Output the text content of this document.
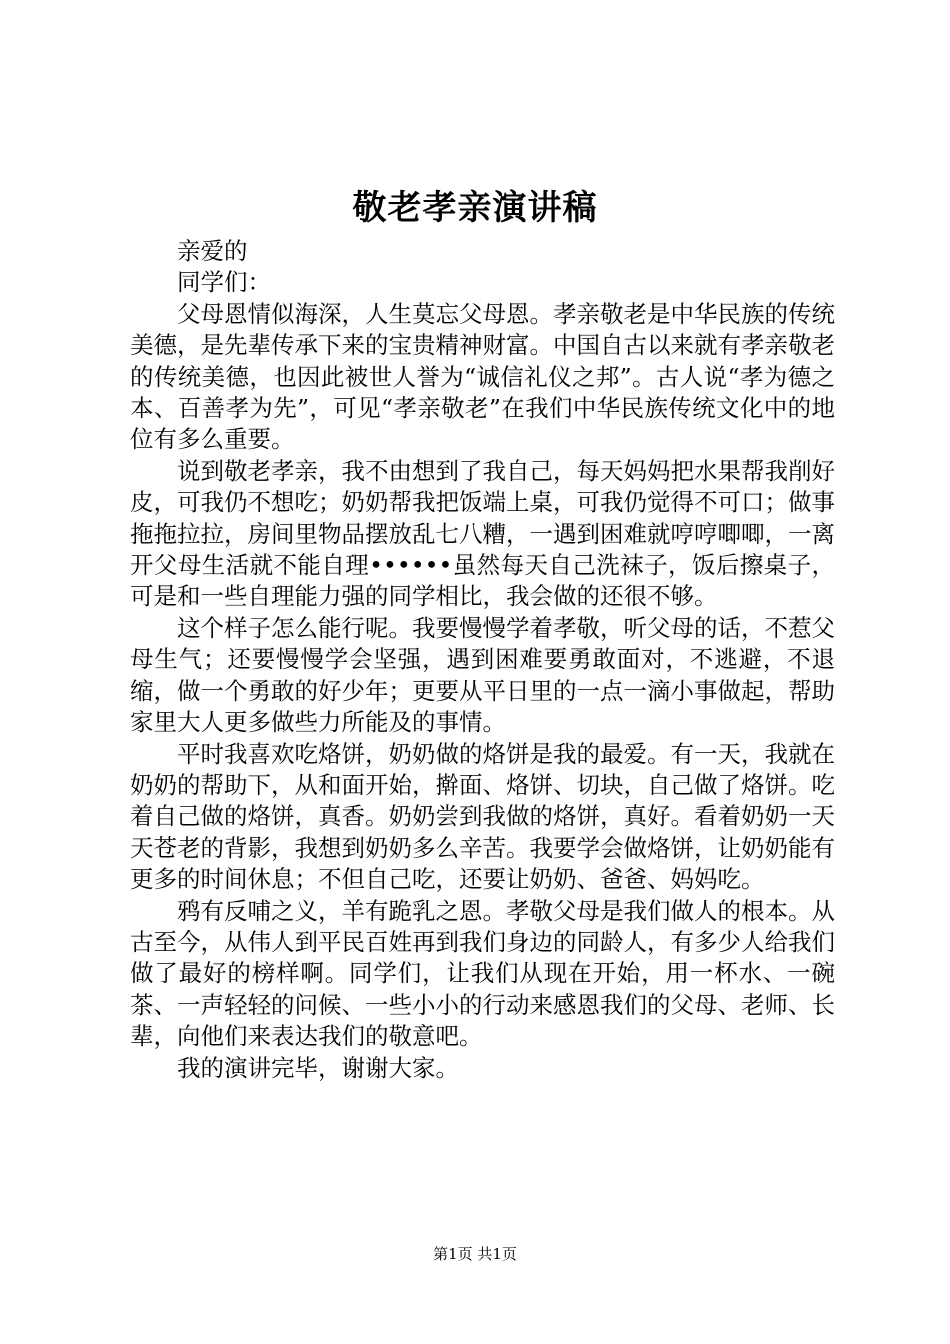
敬老孝亲演讲稿

亲爱的

同学们：

父母恩情似海深，人生莫忘父母恩。孝亲敬老是中华民族的传统美德，是先辈传承下来的宝贵精神财富。中国自古以来就有孝亲敬老的传统美德，也因此被世人誉为“诚信礼仪之邦”。古人说“孝为德之本、百善孝为先”，可见“孝亲敬老”在我们中华民族传统文化中的地位有多么重要。

说到敬老孝亲，我不由想到了我自己，每天妈妈把水果帮我削好皮，可我仍不想吃；奶奶帮我把饭端上桌，可我仍觉得不可口；做事拖拖拉拉，房间里物品摆放乱七八糟，一遇到困难就哼哼唧唧，一离开父母生活就不能自理••••••虽然每天自己洗袜子，饭后擦桌子，可是和一些自理能力强的同学相比，我会做的还很不够。

这个样子怎么能行呢。我要慢慢学着孝敬，听父母的话，不惹父母生气；还要慢慢学会坚强，遇到困难要勇敢面对，不逃避，不退缩，做一个勇敢的好少年；更要从平日里的一点一滴小事做起，帮助家里大人更多做些力所能及的事情。

平时我喜欢吃烙饼，奶奶做的烙饼是我的最爱。有一天，我就在奶奶的帮助下，从和面开始，擀面、烙饼、切块，自己做了烙饼。吃着自己做的烙饼，真香。奶奶尝到我做的烙饼，真好。看着奶奶一天天苍老的背影，我想到奶奶多么辛苦。我要学会做烙饼，让奶奶能有更多的时间休息；不但自己吃，还要让奶奶、爸爸、妈妈吃。

鸦有反哺之义，羊有跪乳之恩。孝敬父母是我们做人的根本。从古至今，从伟人到平民百姓再到我们身边的同龄人，有多少人给我们做了最好的榜样啊。同学们，让我们从现在开始，用一杯水、一碗茶、一声轻轻的问候、一些小小的行动来感恩我们的父母、老师、长辈，向他们来表达我们的敬意吧。

我的演讲完毕，谢谢大家。

第1页 共1页
